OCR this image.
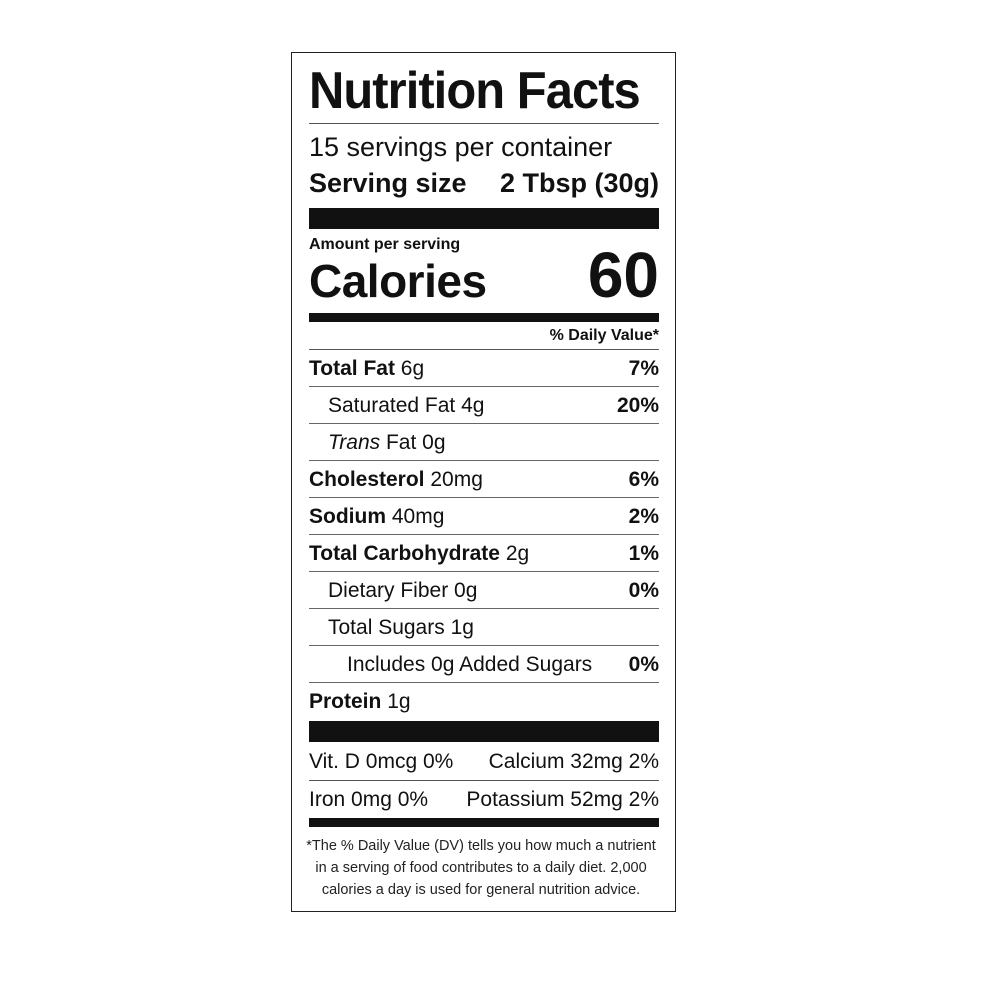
Nutrition Facts
15 servings per container
Serving size 2 Tbsp (30g)
Amount per serving
Calories 60
% Daily Value*
Total Fat 6g	7%
Saturated Fat 4g	20%
Trans Fat 0g
Cholesterol 20mg	6%
Sodium 40mg	2%
Total Carbohydrate 2g	1%
Dietary Fiber 0g	0%
Total Sugars 1g
Includes 0g Added Sugars 0%
Protein 1g
Vit. D 0mcg 0% Calcium 32mg 2%
Iron 0mg 0% Potassium 52mg 2%
*The % Daily Value (DV) tells you how much a nutrient in a serving of food contributes to a daily diet. 2,000 calories a day is used for general nutrition advice.
